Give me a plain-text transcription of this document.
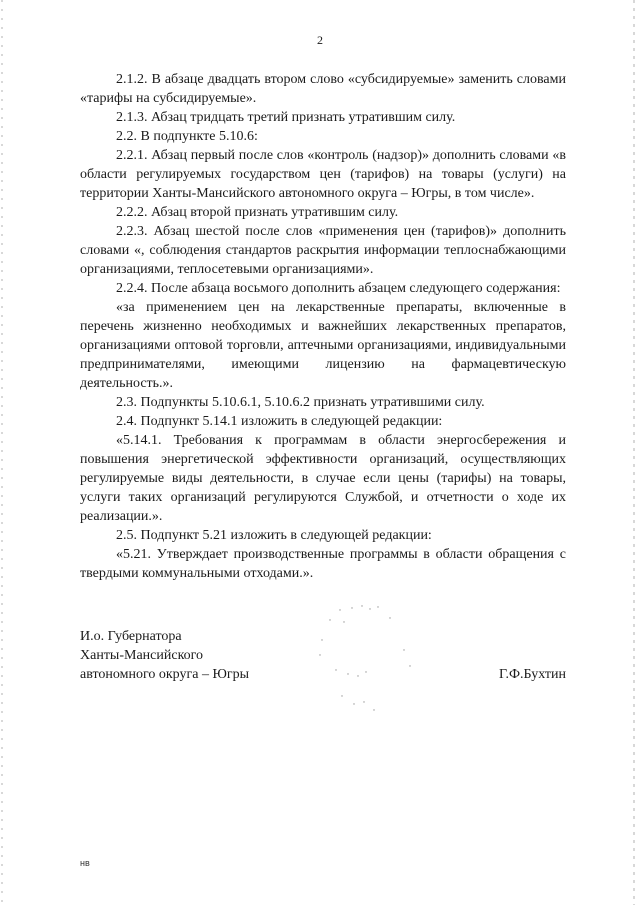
2

2.1.2. В абзаце двадцать втором слово «субсидируемые» заменить словами «тарифы на субсидируемые».

2.1.3. Абзац тридцать третий признать утратившим силу.

2.2. В подпункте 5.10.6:

2.2.1. Абзац первый после слов «контроль (надзор)» дополнить словами «в области регулируемых государством цен (тарифов) на товары (услуги) на территории Ханты-Мансийского автономного округа – Югры, в том числе».

2.2.2. Абзац второй признать утратившим силу.

2.2.3. Абзац шестой после слов «применения цен (тарифов)» дополнить словами «, соблюдения стандартов раскрытия информации теплоснабжающими организациями, теплосетевыми организациями».

2.2.4. После абзаца восьмого дополнить абзацем следующего содержания:

«за применением цен на лекарственные препараты, включенные в перечень жизненно необходимых и важнейших лекарственных препаратов, организациями оптовой торговли, аптечными организациями, индивидуальными предпринимателями, имеющими лицензию на фармацевтическую деятельность.».

2.3. Подпункты 5.10.6.1, 5.10.6.2 признать утратившими силу.

2.4. Подпункт 5.14.1 изложить в следующей редакции:

«5.14.1. Требования к программам в области энергосбережения и повышения энергетической эффективности организаций, осуществляющих регулируемые виды деятельности, в случае если цены (тарифы) на товары, услуги таких организаций регулируются Службой, и отчетности о ходе их реализации.».

2.5. Подпункт 5.21 изложить в следующей редакции:

«5.21. Утверждает производственные программы в области обращения с твердыми коммунальными отходами.».

И.о. Губернатора
Ханты-Мансийского
автономного округа – Югры	Г.Ф.Бухтин
нв
